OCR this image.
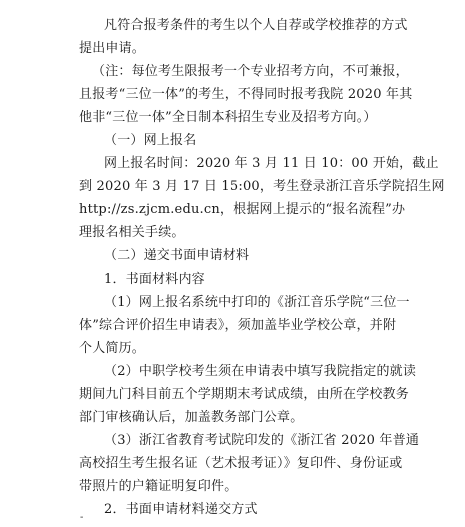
凡符合报考条件的考生以个人自荐或学校推荐的方式
提出申请。
（注：每位考生限报考一个专业招考方向，不可兼报，
且报考“三位一体”的考生，不得同时报考我院 2020 年其
他非“三位一体”全日制本科招生专业及招考方向。）
（一）网上报名
网上报名时间：2020 年 3 月 11 日 10：00 开始，截止
到 2020 年 3 月 17 日 15:00，考生登录浙江音乐学院招生网
http://zs.zjcm.edu.cn，根据网上提示的“报名流程”办
理报名相关手续。
（二）递交书面申请材料
1．书面材料内容
（1）网上报名系统中打印的《浙江音乐学院“三位一
体”综合评价招生申请表》，须加盖毕业学校公章，并附
个人简历。
（2）中职学校考生须在申请表中填写我院指定的就读
期间九门科目前五个学期期末考试成绩，由所在学校教务
部门审核确认后，加盖教务部门公章。
（3）浙江省教育考试院印发的《浙江省 2020 年普通
高校招生考生报名证（艺术报考证）》复印件、身份证或
带照片的户籍证明复印件。
2．书面申请材料递交方式
-
